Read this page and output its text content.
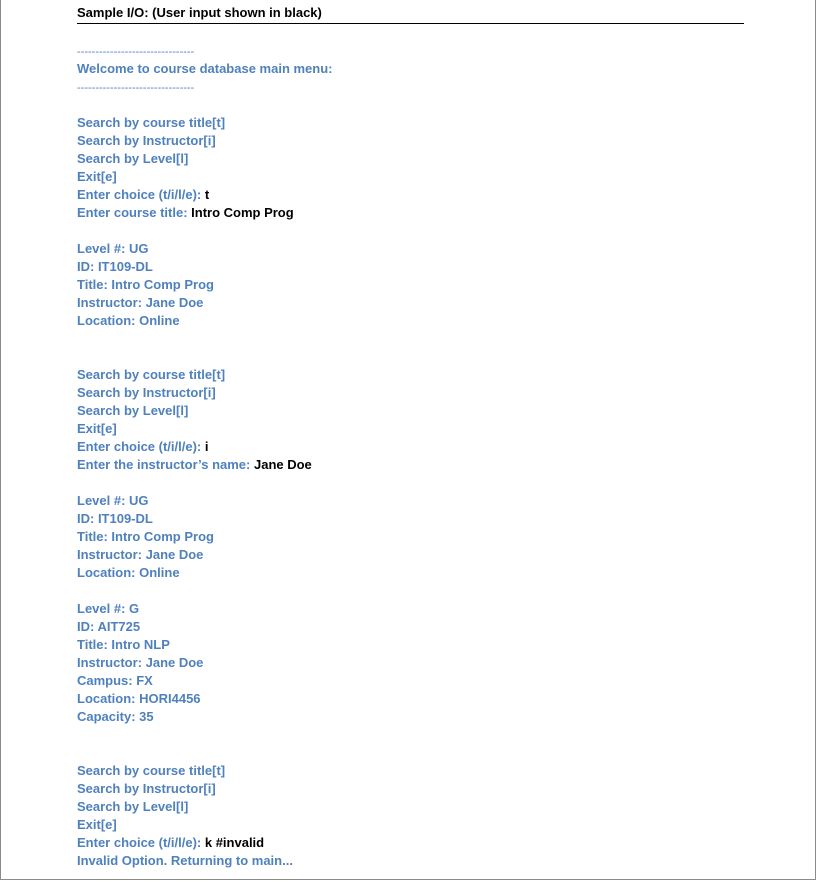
Sample I/O: (User input shown in black)
--------------------------------
Welcome to course database main menu:
--------------------------------
Search by course title[t]
Search by Instructor[i]
Search by Level[l]
Exit[e]
Enter choice (t/i/l/e): t
Enter course title: Intro Comp Prog
Level #: UG
ID: IT109-DL
Title: Intro Comp Prog
Instructor: Jane Doe
Location: Online
Search by course title[t]
Search by Instructor[i]
Search by Level[l]
Exit[e]
Enter choice (t/i/l/e): i
Enter the instructor’s name: Jane Doe
Level #: UG
ID: IT109-DL
Title: Intro Comp Prog
Instructor: Jane Doe
Location: Online
Level #: G
ID: AIT725
Title: Intro NLP
Instructor: Jane Doe
Campus: FX
Location: HORI4456
Capacity: 35
Search by course title[t]
Search by Instructor[i]
Search by Level[l]
Exit[e]
Enter choice (t/i/l/e): k #invalid
Invalid Option. Returning to main...
